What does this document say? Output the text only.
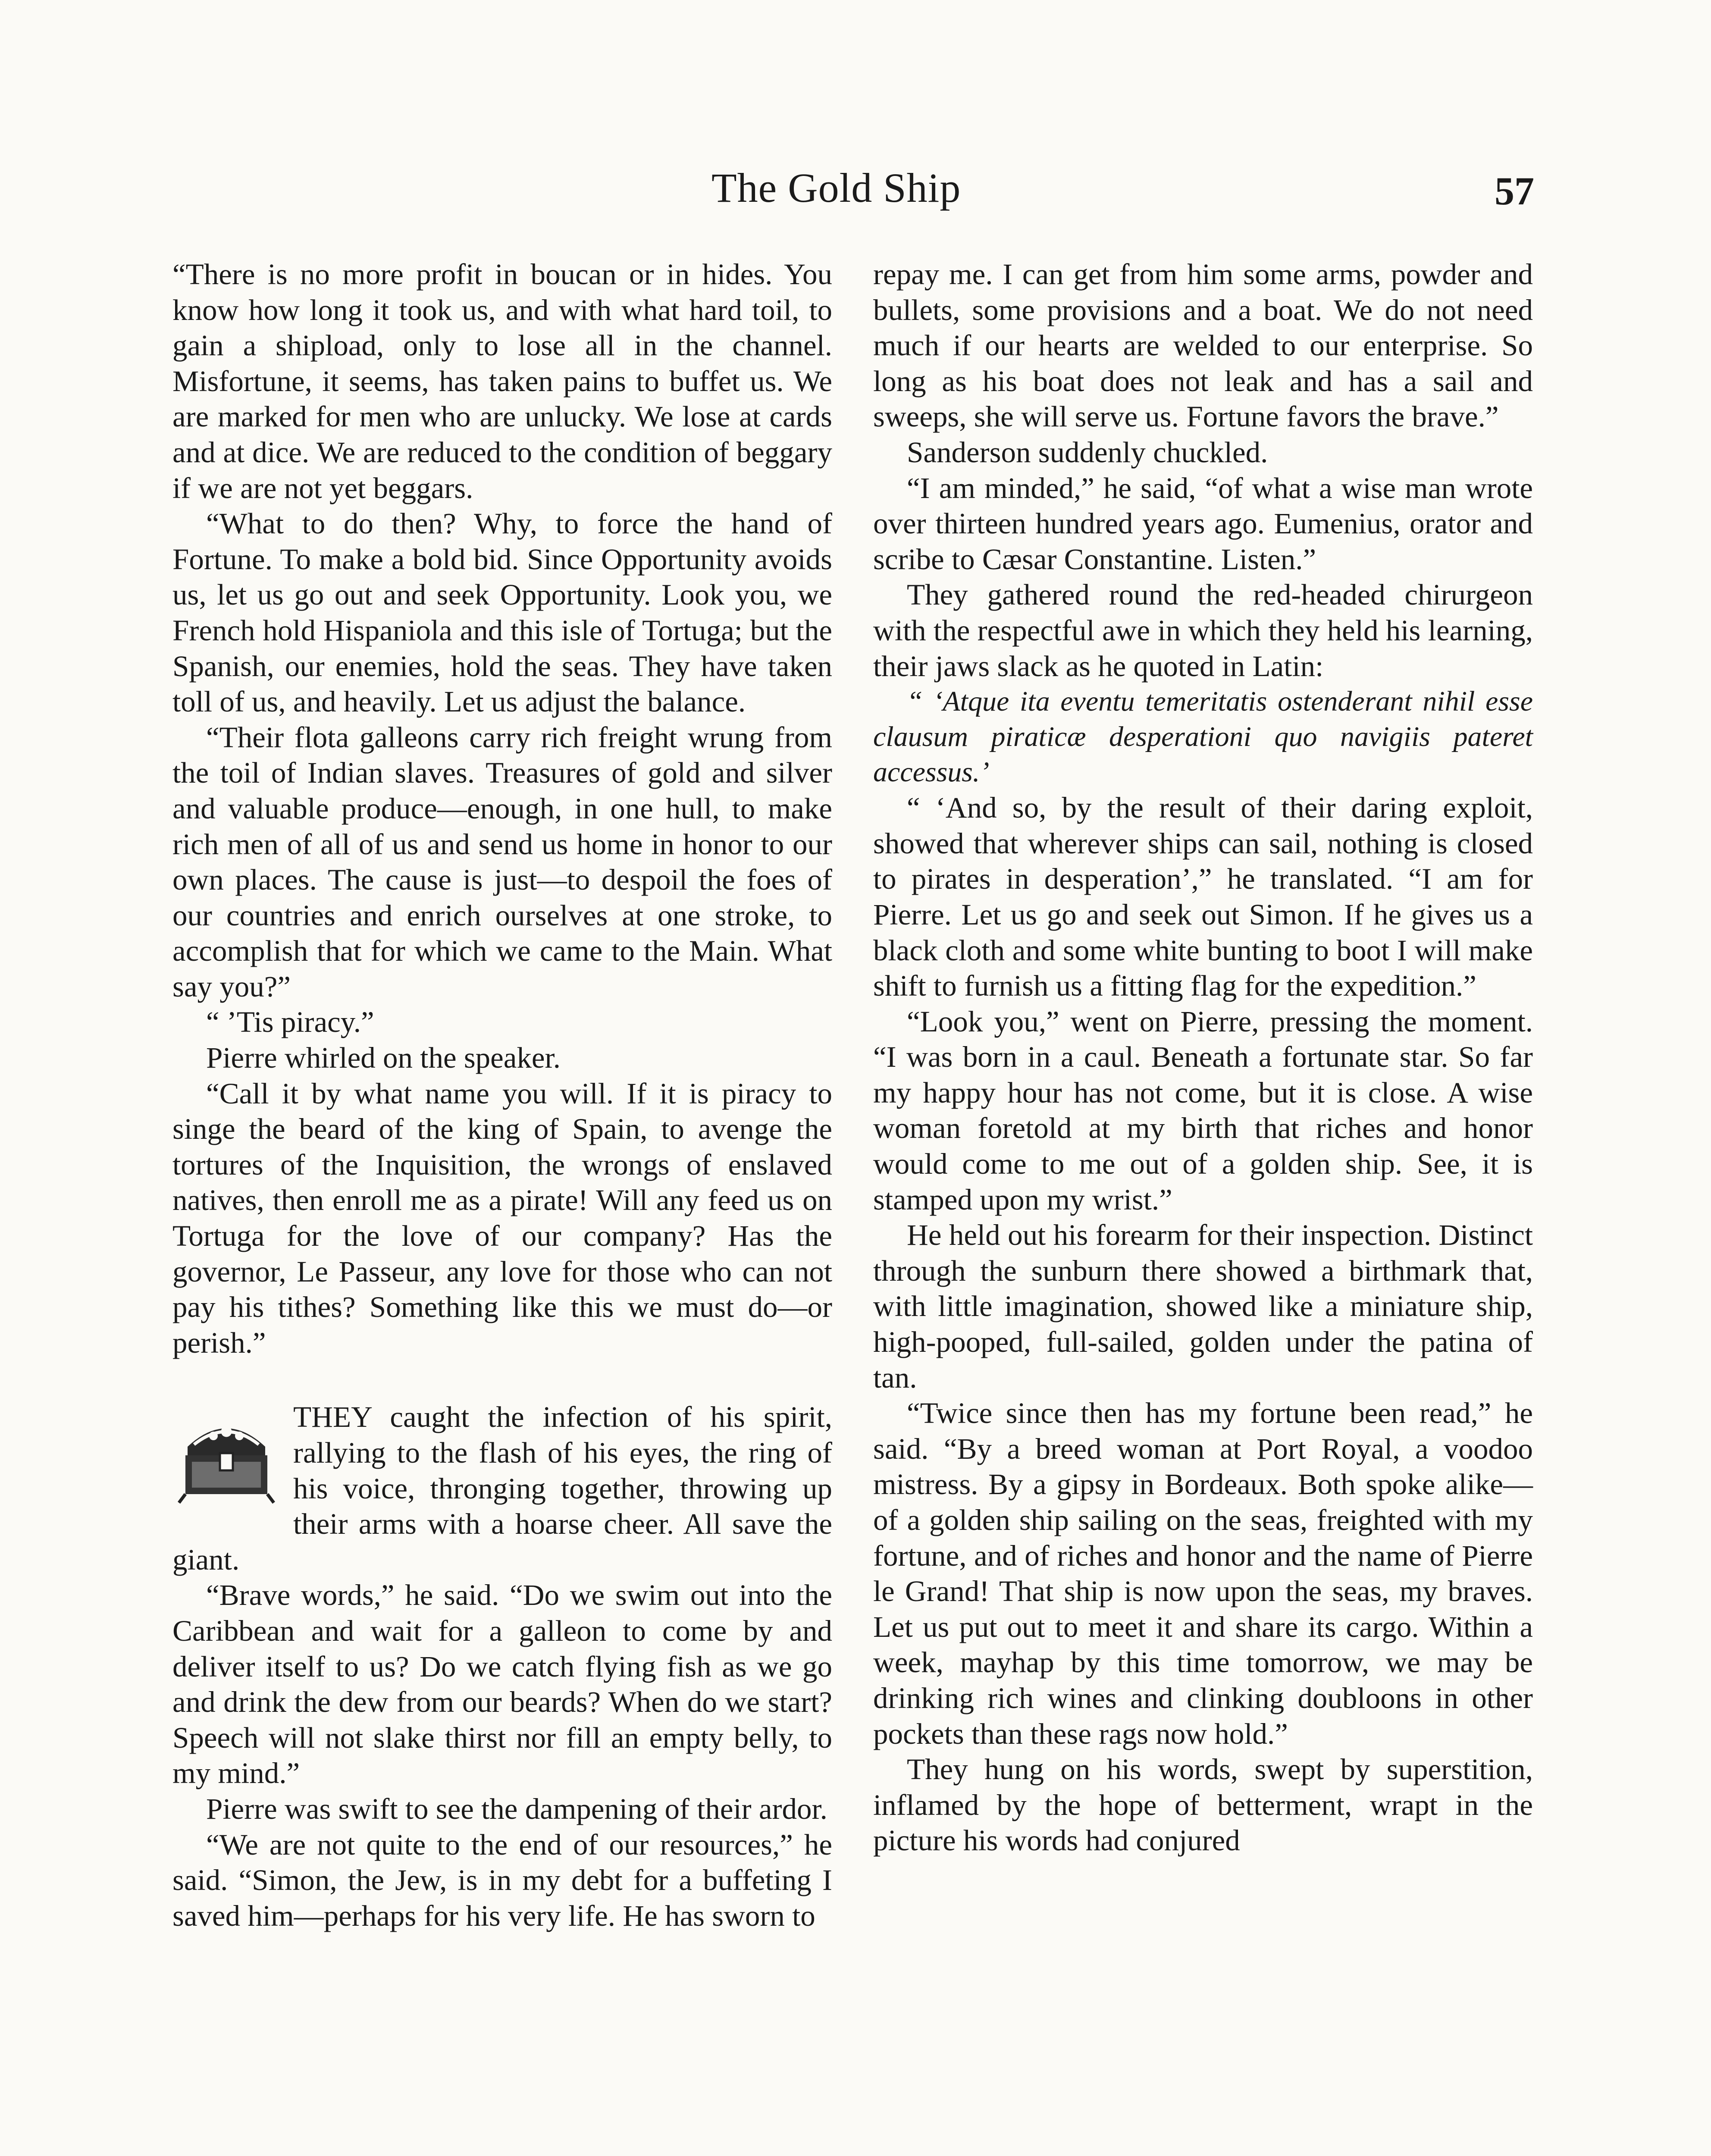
The Gold Ship	57

“There is no more profit in boucan or in hides. You know how long it took us, and with what hard toil, to gain a shipload, only to lose all in the channel. Misfortune, it seems, has taken pains to buffet us. We are marked for men who are unlucky. We lose at cards and at dice. We are reduced to the condition of beggary if we are not yet beggars.

“What to do then? Why, to force the hand of Fortune. To make a bold bid. Since Opportunity avoids us, let us go out and seek Opportunity. Look you, we French hold Hispaniola and this isle of Tortuga; but the Spanish, our enemies, hold the seas. They have taken toll of us, and heavily. Let us adjust the balance.

“Their flota galleons carry rich freight wrung from the toil of Indian slaves. Treasures of gold and silver and valuable produce—enough, in one hull, to make rich men of all of us and send us home in honor to our own places. The cause is just—to despoil the foes of our countries and enrich ourselves at one stroke, to accomplish that for which we came to the Main. What say you?”

“ ’Tis piracy.”

Pierre whirled on the speaker.

“Call it by what name you will. If it is piracy to singe the beard of the king of Spain, to avenge the tortures of the Inquisition, the wrongs of enslaved natives, then enroll me as a pirate! Will any feed us on Tortuga for the love of our company? Has the governor, Le Passeur, any love for those who can not pay his tithes? Something like this we must do—or perish.”

THEY caught the infection of his spirit, rallying to the flash of his eyes, the ring of his voice, thronging together, throwing up their arms with a hoarse cheer. All save the giant.

“Brave words,” he said. “Do we swim out into the Caribbean and wait for a galleon to come by and deliver itself to us? Do we catch flying fish as we go and drink the dew from our beards? When do we start? Speech will not slake thirst nor fill an empty belly, to my mind.”

Pierre was swift to see the dampening of their ardor.

“We are not quite to the end of our resources,” he said. “Simon, the Jew, is in my debt for a buffeting I saved him—perhaps for his very life. He has sworn to

repay me. I can get from him some arms, powder and bullets, some provisions and a boat. We do not need much if our hearts are welded to our enterprise. So long as his boat does not leak and has a sail and sweeps, she will serve us. Fortune favors the brave.”

Sanderson suddenly chuckled.

“I am minded,” he said, “of what a wise man wrote over thirteen hundred years ago. Eumenius, orator and scribe to Cæsar Constantine. Listen.”

They gathered round the red-headed chirurgeon with the respectful awe in which they held his learning, their jaws slack as he quoted in Latin:

“ ‘Atque ita eventu temeritatis ostenderant nihil esse clausum piraticæ desperationi quo navigiis pateret accessus.’

“ ‘And so, by the result of their daring exploit, showed that wherever ships can sail, nothing is closed to pirates in desperation’,” he translated. “I am for Pierre. Let us go and seek out Simon. If he gives us a black cloth and some white bunting to boot I will make shift to furnish us a fitting flag for the expedition.”

“Look you,” went on Pierre, pressing the moment. “I was born in a caul. Beneath a fortunate star. So far my happy hour has not come, but it is close. A wise woman foretold at my birth that riches and honor would come to me out of a golden ship. See, it is stamped upon my wrist.”

He held out his forearm for their inspection. Distinct through the sunburn there showed a birthmark that, with little imagination, showed like a miniature ship, high-pooped, full-sailed, golden under the patina of tan.

“Twice since then has my fortune been read,” he said. “By a breed woman at Port Royal, a voodoo mistress. By a gipsy in Bordeaux. Both spoke alike—of a golden ship sailing on the seas, freighted with my fortune, and of riches and honor and the name of Pierre le Grand! That ship is now upon the seas, my braves. Let us put out to meet it and share its cargo. Within a week, mayhap by this time tomorrow, we may be drinking rich wines and clinking doubloons in other pockets than these rags now hold.”

They hung on his words, swept by superstition, inflamed by the hope of betterment, wrapt in the picture his words had conjured
